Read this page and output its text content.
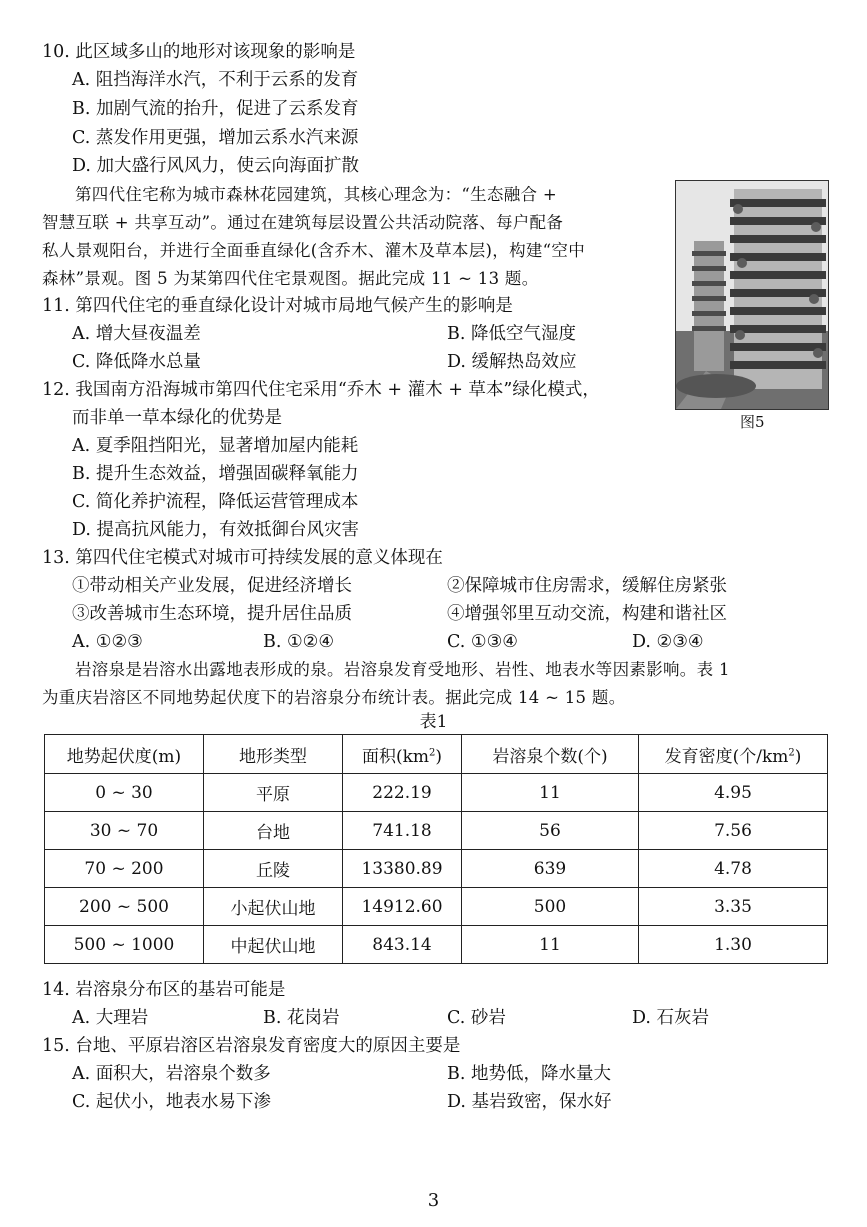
10. 此区域多山的地形对该现象的影响是
A. 阻挡海洋水汽，不利于云系的发育
B. 加剧气流的抬升，促进了云系发育
C. 蒸发作用更强，增加云系水汽来源
D. 加大盛行风风力，使云向海面扩散
第四代住宅称为城市森林花园建筑，其核心理念为：“生态融合 +
智慧互联 + 共享互动”。通过在建筑每层设置公共活动院落、每户配备
私人景观阳台，并进行全面垂直绿化(含乔木、灌木及草本层)，构建“空中
森林”景观。图 5 为某第四代住宅景观图。据此完成 11 ~ 13 题。
图5
11. 第四代住宅的垂直绿化设计对城市局地气候产生的影响是
A. 增大昼夜温差	B. 降低空气湿度
C. 降低降水总量	D. 缓解热岛效应
12. 我国南方沿海城市第四代住宅采用“乔木 + 灌木 + 草本”绿化模式，
而非单一草本绿化的优势是
A. 夏季阻挡阳光，显著增加屋内能耗
B. 提升生态效益，增强固碳释氧能力
C. 简化养护流程，降低运营管理成本
D. 提高抗风能力，有效抵御台风灾害
13. 第四代住宅模式对城市可持续发展的意义体现在
①带动相关产业发展，促进经济增长	②保障城市住房需求，缓解住房紧张
③改善城市生态环境，提升居住品质	④增强邻里互动交流，构建和谐社区
A. ①②③	B. ①②④	C. ①③④	D. ②③④
岩溶泉是岩溶水出露地表形成的泉。岩溶泉发育受地形、岩性、地表水等因素影响。表 1
为重庆岩溶区不同地势起伏度下的岩溶泉分布统计表。据此完成 14 ~ 15 题。
表1
地势起伏度(m)	地形类型	面积$(km^2)$	岩溶泉个数(个)	发育密度(个$/km^2$)
0 ~ 30	平原	222.19	11	4.95
30 ~ 70	台地	741.18	56	7.56
70 ~ 200	丘陵	13380.89	639	4.78
200 ~ 500	小起伏山地	14912.60	500	3.35
500 ~ 1000	中起伏山地	843.14	11	1.30
14. 岩溶泉分布区的基岩可能是
A. 大理岩	B. 花岗岩	C. 砂岩	D. 石灰岩
15. 台地、平原岩溶区岩溶泉发育密度大的原因主要是
A. 面积大，岩溶泉个数多	B. 地势低，降水量大
C. 起伏小，地表水易下渗	D. 基岩致密，保水好
3
